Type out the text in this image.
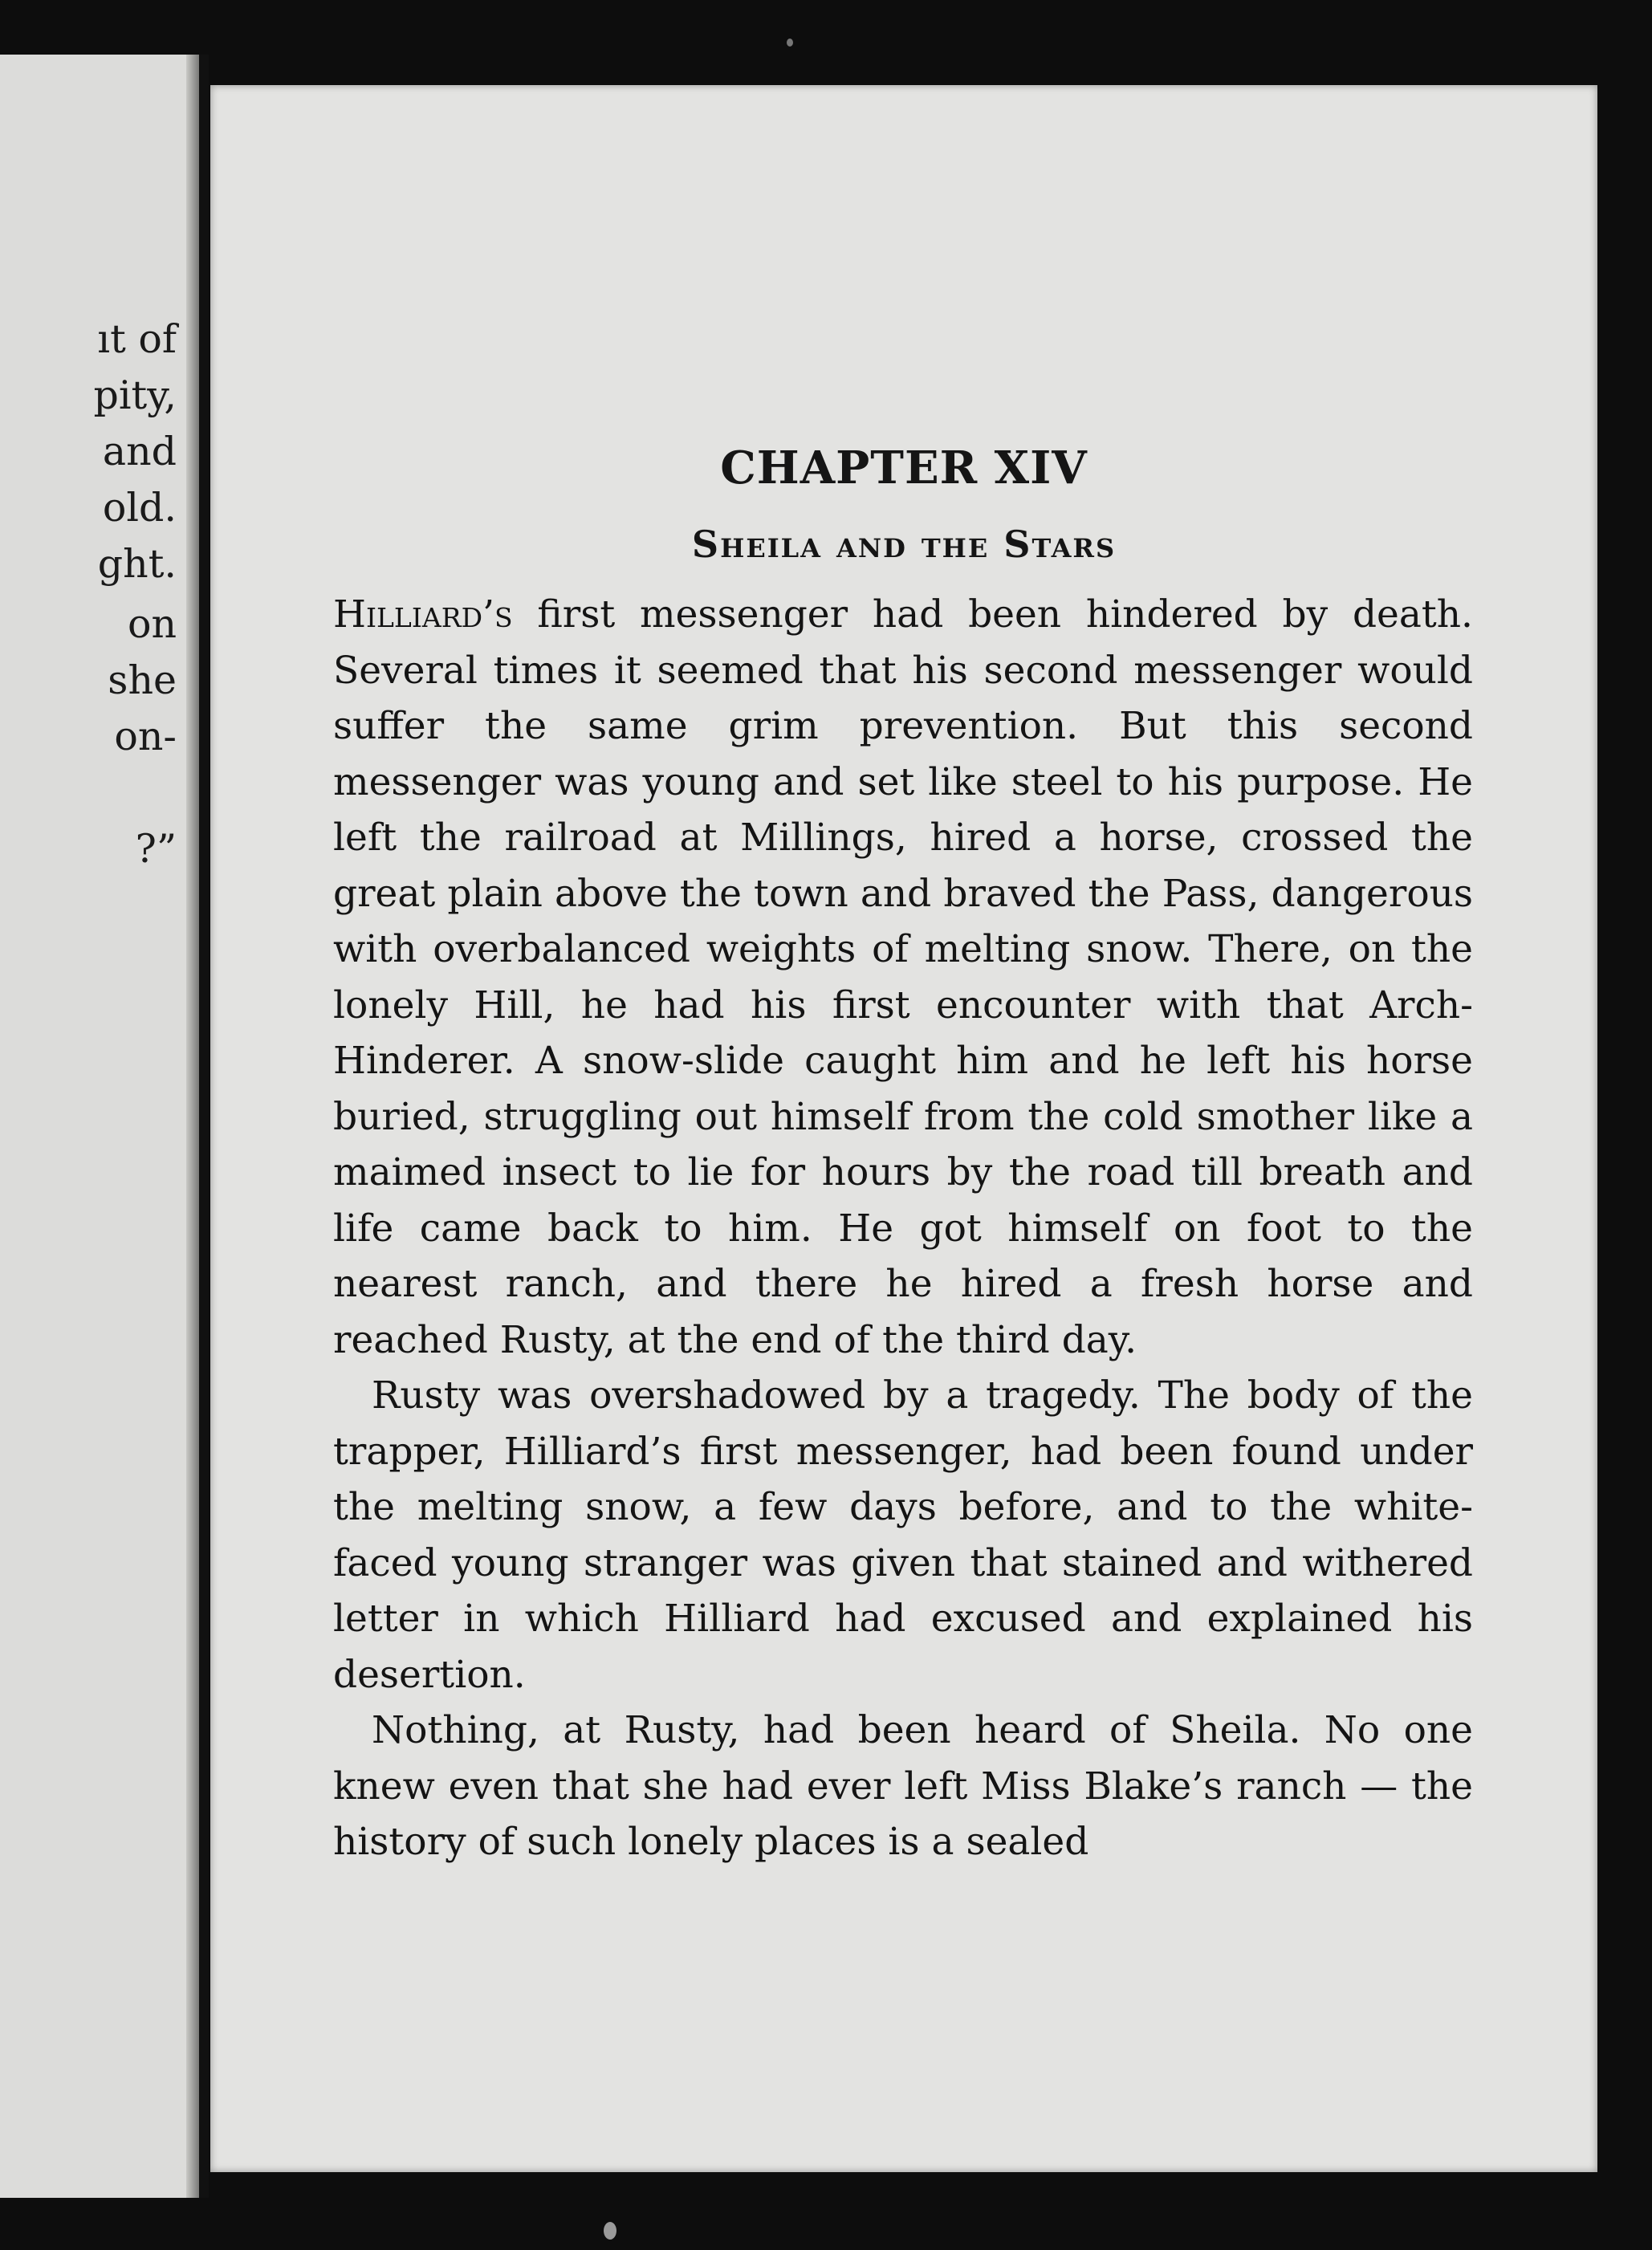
ıt of
pity,
and
old.
ght.
on
she
on-
?”
CHAPTER XIV
Sheila and the Stars

Hilliard’s first messenger had been hindered by death. Several times it seemed that his second messenger would suffer the same grim prevention. But this second messenger was young and set like steel to his purpose. He left the railroad at Millings, hired a horse, crossed the great plain above the town and braved the Pass, dangerous with overbalanced weights of melting snow. There, on the lonely Hill, he had his first encounter with that Arch-Hinderer. A snow-slide caught him and he left his horse buried, struggling out himself from the cold smother like a maimed insect to lie for hours by the road till breath and life came back to him. He got himself on foot to the nearest ranch, and there he hired a fresh horse and reached Rusty, at the end of the third day.

Rusty was overshadowed by a tragedy. The body of the trapper, Hilliard’s first messenger, had been found under the melting snow, a few days before, and to the white-faced young stranger was given that stained and withered letter in which Hilliard had excused and explained his desertion.

Nothing, at Rusty, had been heard of Sheila. No one knew even that she had ever left Miss Blake’s ranch — the history of such lonely places is a sealed
